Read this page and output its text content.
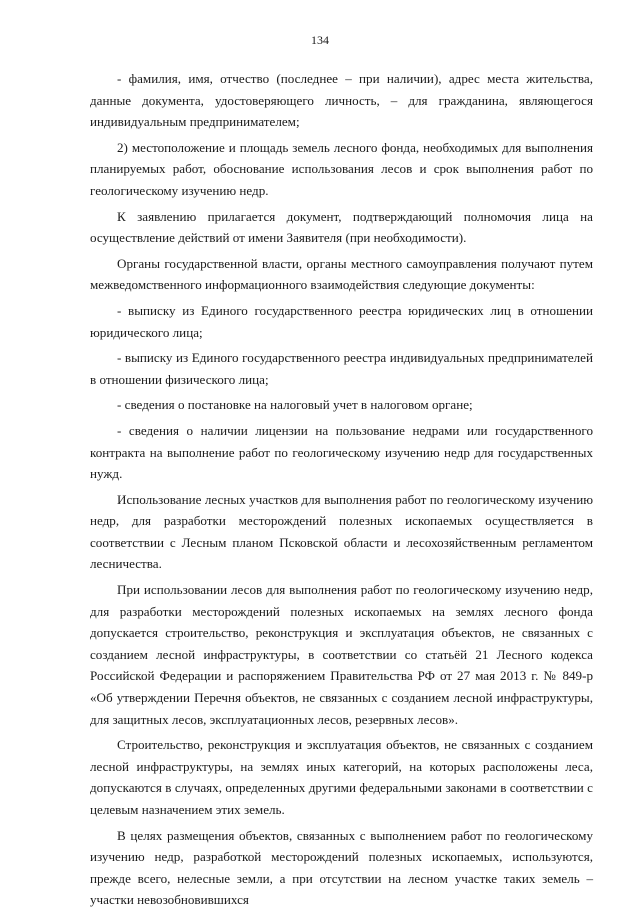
134

- фамилия, имя, отчество (последнее – при наличии), адрес места жительства, данные документа, удостоверяющего личность, – для гражданина, являющегося индивидуальным предпринимателем;

2) местоположение и площадь земель лесного фонда, необходимых для выполнения планируемых работ, обоснование использования лесов и срок выполнения работ по геологическому изучению недр.

К заявлению прилагается документ, подтверждающий полномочия лица на осуществление действий от имени Заявителя (при необходимости).

Органы государственной власти, органы местного самоуправления получают путем межведомственного информационного взаимодействия следующие документы:

- выписку из Единого государственного реестра юридических лиц в отношении юридического лица;

- выписку из Единого государственного реестра индивидуальных предпринимателей в отношении физического лица;

- сведения о постановке на налоговый учет в налоговом органе;

- сведения о наличии лицензии на пользование недрами или государственного контракта на выполнение работ по геологическому изучению недр для государственных нужд.

Использование лесных участков для выполнения работ по геологическому изучению недр, для разработки месторождений полезных ископаемых осуществляется в соответствии с Лесным планом Псковской области и лесохозяйственным регламентом лесничества.

При использовании лесов для выполнения работ по геологическому изучению недр, для разработки месторождений полезных ископаемых на землях лесного фонда допускается строительство, реконструкция и эксплуатация объектов, не связанных с созданием лесной инфраструктуры, в соответствии со статьёй 21 Лесного кодекса Российской Федерации и распоряжением Правительства РФ от 27 мая 2013 г. № 849-р «Об утверждении Перечня объектов, не связанных с созданием лесной инфраструктуры, для защитных лесов, эксплуатационных лесов, резервных лесов».

Строительство, реконструкция и эксплуатация объектов, не связанных с созданием лесной инфраструктуры, на землях иных категорий, на которых расположены леса, допускаются в случаях, определенных другими федеральными законами в соответствии с целевым назначением этих земель.

В целях размещения объектов, связанных с выполнением работ по геологическому изучению недр, разработкой месторождений полезных ископаемых, используются, прежде всего, нелесные земли, а при отсутствии на лесном участке таких земель – участки невозобновившихся
